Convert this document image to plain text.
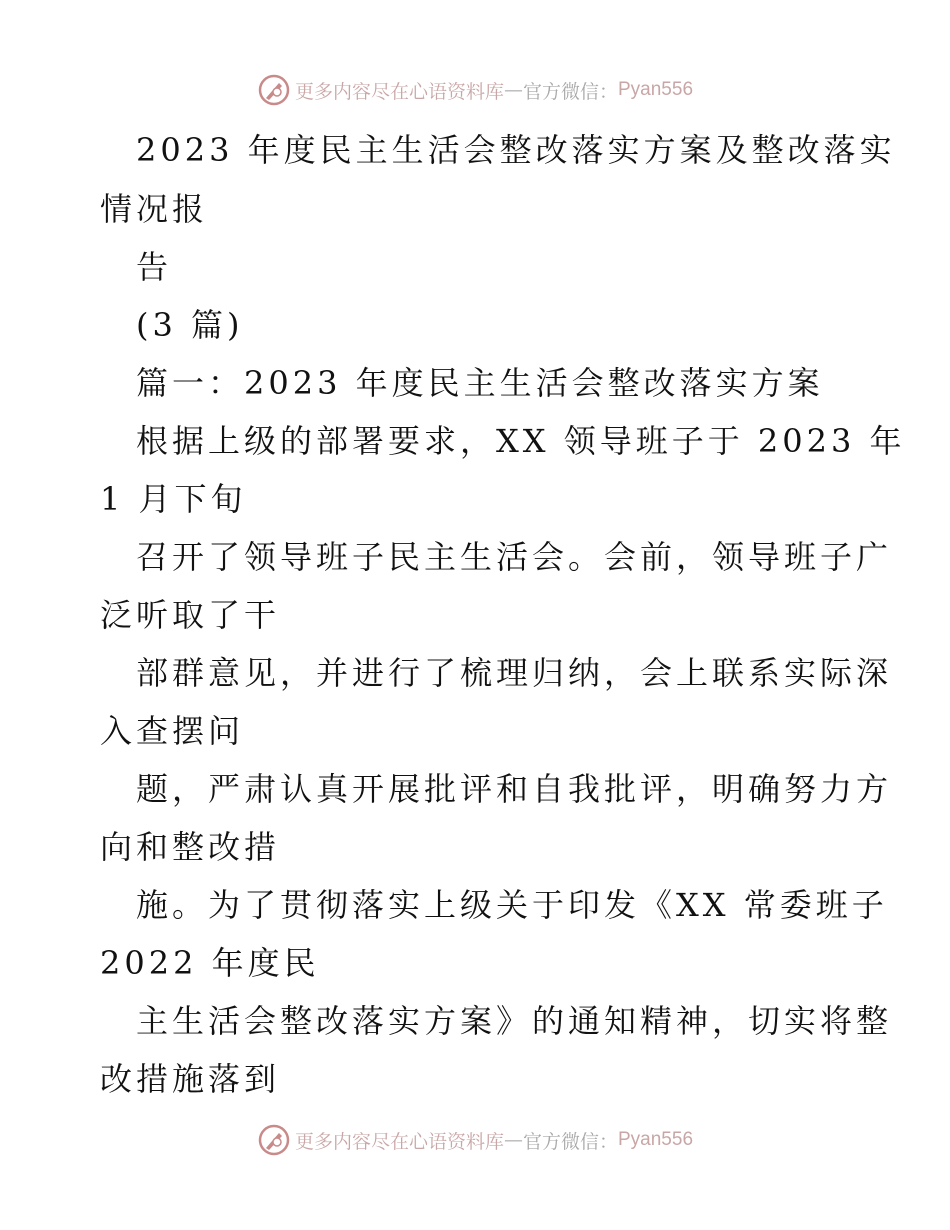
更多内容尽在心语资料库 — 官方微信： Pyan556
2023 年度民主生活会整改落实方案及整改落实
情况报
告
(3 篇)
篇一：2023 年度民主生活会整改落实方案
根据上级的部署要求，XX 领导班子于 2023 年
1 月下旬
召开了领导班子民主生活会。会前，领导班子广
泛听取了干
部群意见，并进行了梳理归纳，会上联系实际深
入查摆问
题，严肃认真开展批评和自我批评，明确努力方
向和整改措
施。为了贯彻落实上级关于印发《XX 常委班子
2022 年度民
主生活会整改落实方案》的通知精神，切实将整
改措施落到
更多内容尽在心语资料库 — 官方微信： Pyan556
